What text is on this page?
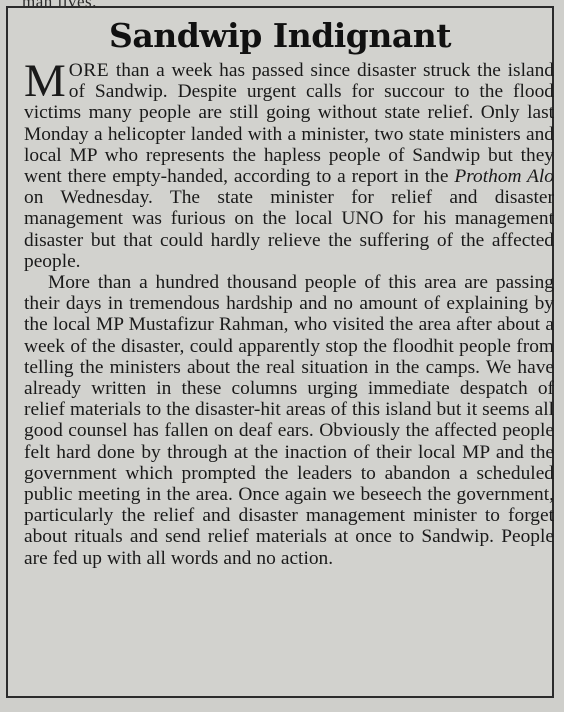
Sandwip Indignant

MORE than a week has passed since disaster struck the island of Sandwip. Despite urgent calls for succour to the flood victims many people are still going without state relief. Only last Monday a helicopter landed with a minister, two state ministers and local MP who represents the hapless people of Sandwip but they went there empty-handed, according to a report in the Prothom Alo on Wednesday. The state minister for relief and disaster management was furious on the local UNO for his management disaster but that could hardly relieve the suffering of the affected people.

More than a hundred thousand people of this area are passing their days in tremendous hardship and no amount of explaining by the local MP Mustafizur Rahman, who visited the area after about a week of the disaster, could apparently stop the floodhit people from telling the ministers about the real situation in the camps. We have already written in these columns urging immediate despatch of relief materials to the disaster-hit areas of this island but it seems all good counsel has fallen on deaf ears. Obviously the affected people felt hard done by through at the inaction of their local MP and the government which prompted the leaders to abandon a scheduled public meeting in the area. Once again we beseech the government, particularly the relief and disaster management minister to forget about rituals and send relief materials at once to Sandwip. People are fed up with all words and no action.
